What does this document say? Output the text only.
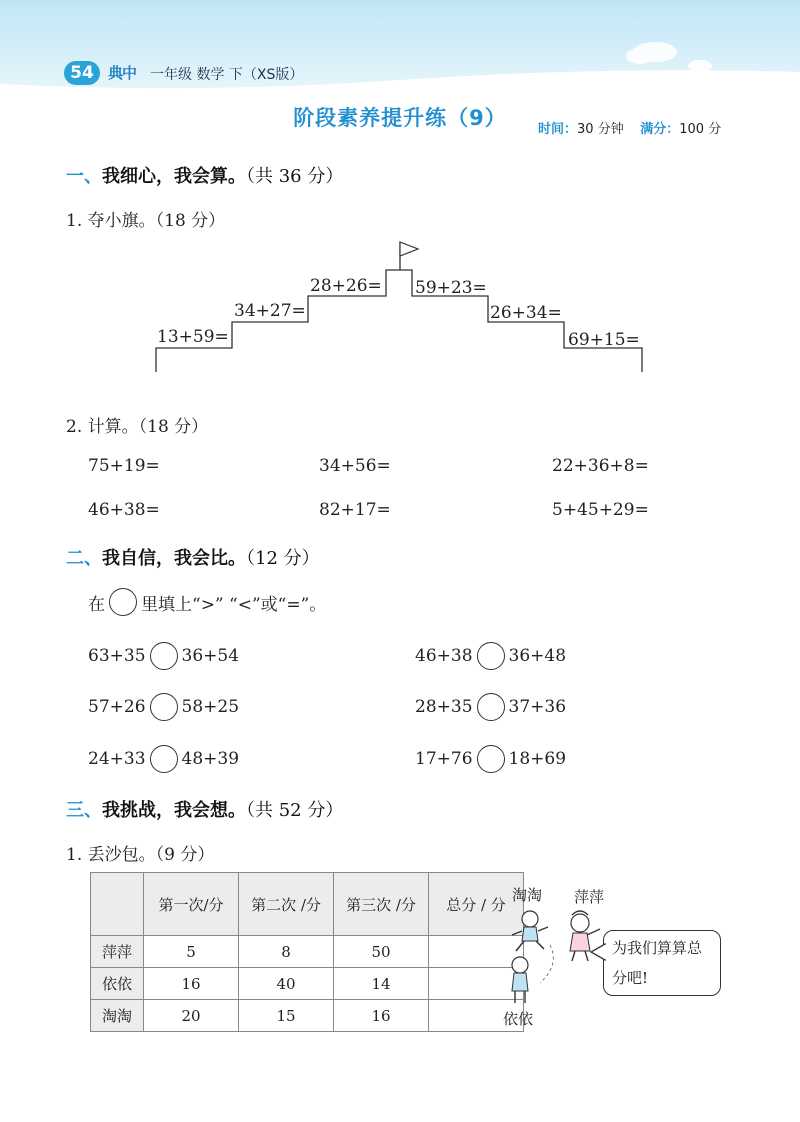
54 典中 一年级 数学 下（XS版）
阶段素养提升练（9）	时间：30 分钟 满分：100 分
一、我细心，我会算。（共 36 分）
1. 夺小旗。（18 分）
13+59=
34+27=
28+26= 59+23=
26+34=
69+15=
2. 计算。（18 分）
75+19=	34+56=	22+36+8=
46+38=	82+17=	5+45+29=
二、我自信，我会比。（12 分）
在 里填上“>” “<”或“=”。
63+35 36+54	46+38 36+48
57+26 58+25	28+35 37+36
24+33 48+39	17+76 18+69
三、我挑战，我会想。（共 52 分）
1. 丢沙包。（9 分）
	第一次/分	第二次 /分	第三次 /分	总分 / 分
萍萍	5	8	50	
依依	16	40	14	
淘淘	20	15	16	
淘淘 萍萍
依依
为我们算算总分吧!
